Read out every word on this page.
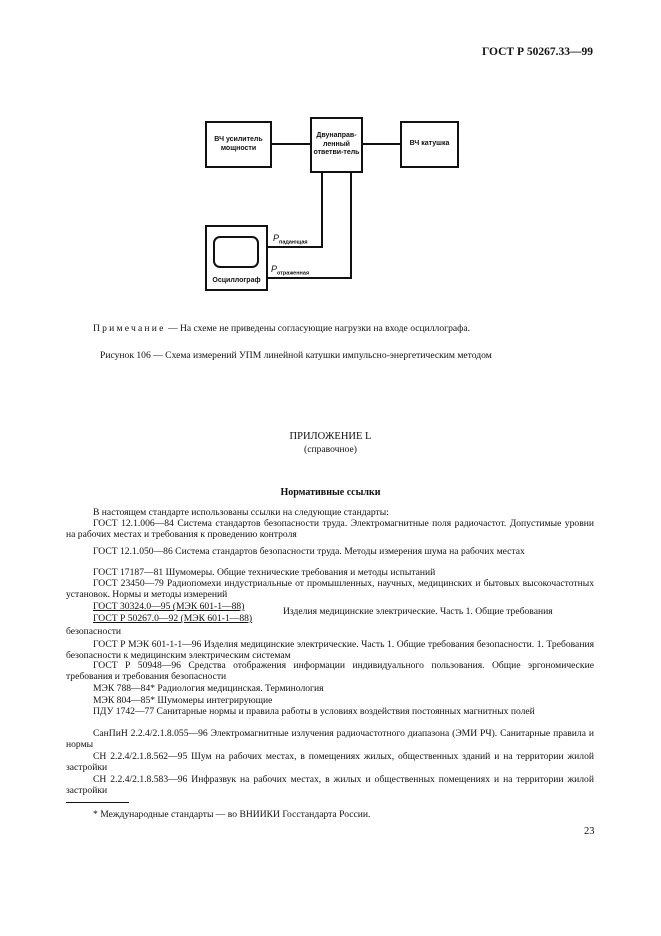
ГОСТ Р 50267.33—99
ВЧ усилитель мощности
Двунаправ-ленный ответви-тель
ВЧ катушка
Осциллограф
$P_{падающая}$
$P_{отраженная}$
Примечание — На схеме не приведены согласующие нагрузки на входе осциллографа.
Рисунок 106 — Схема измерений УПМ линейной катушки импульсно-энергетическим методом
ПРИЛОЖЕНИЕ L
(справочное)
Нормативные ссылки
В настоящем стандарте использованы ссылки на следующие стандарты:
ГОСТ 12.1.006—84 Система стандартов безопасности труда. Электромагнитные поля радиочастот. Допустимые уровни на рабочих местах и требования к проведению контроля
ГОСТ 12.1.050—86 Система стандартов безопасности труда. Методы измерения шума на рабочих местах
ГОСТ 17187—81 Шумомеры. Общие технические требования и методы испытаний
ГОСТ 23450—79 Радиопомехи индустриальные от промышленных, научных, медицинских и бытовых высокочастотных установок. Нормы и методы измерений
ГОСТ 30324.0—95 (МЭК 601-1—88)
ГОСТ Р 50267.0—92 (МЭК 601-1—88)
Изделия медицинские электрические. Часть 1. Общие требования
безопасности
ГОСТ Р МЭК 601-1-1—96 Изделия медицинские электрические. Часть 1. Общие требования безопасности. 1. Требования безопасности к медицинским электрическим системам
ГОСТ Р 50948—96 Средства отображения информации индивидуального пользования. Общие эргономические требования и требования безопасности
МЭК 788—84* Радиология медицинская. Терминология
МЭК 804—85* Шумомеры интегрирующие
ПДУ 1742—77 Санитарные нормы и правила работы в условиях воздействия постоянных магнитных полей
СанПиН 2.2.4/2.1.8.055—96 Электромагнитные излучения радиочастотного диапазона (ЭМИ РЧ). Санитарные правила и нормы
СН 2.2.4/2.1.8.562—95 Шум на рабочих местах, в помещениях жилых, общественных зданий и на территории жилой застройки
СН 2.2.4/2.1.8.583—96 Инфразвук на рабочих местах, в жилых и общественных помещениях и на территории жилой застройки
* Международные стандарты — во ВНИИКИ Госстандарта России.
23
